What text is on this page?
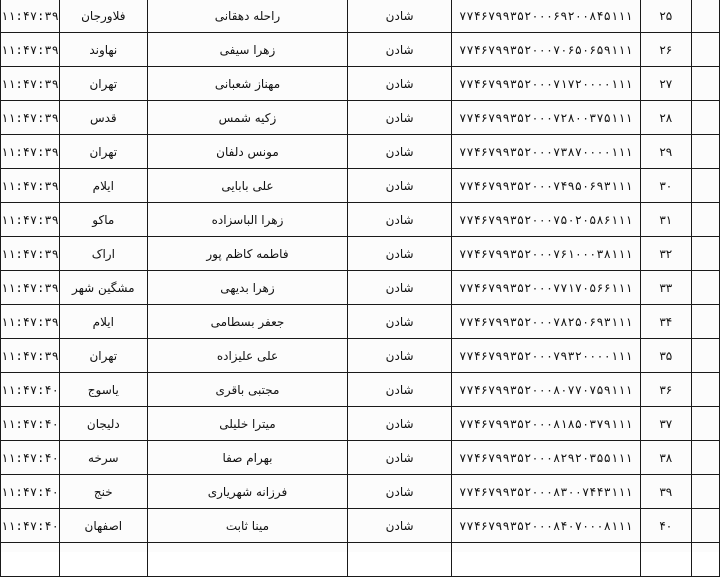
۱۱:۴۷:۳۹	فلاورجان	راحله دهقانی	شادن	۷۷۴۶۷۹۹۳۵۲۰۰۰۶۹۲۰۰۸۴۵۱۱۱	۲۵	
۱۱:۴۷:۳۹	نهاوند	زهرا سیفی	شادن	۷۷۴۶۷۹۹۳۵۲۰۰۰۷۰۶۵۰۶۵۹۱۱۱	۲۶	
۱۱:۴۷:۳۹	تهران	مهناز شعبانی	شادن	۷۷۴۶۷۹۹۳۵۲۰۰۰۷۱۷۲۰۰۰۰۱۱۱	۲۷	
۱۱:۴۷:۳۹	قدس	زکیه شمس	شادن	۷۷۴۶۷۹۹۳۵۲۰۰۰۷۲۸۰۰۳۷۵۱۱۱	۲۸	
۱۱:۴۷:۳۹	تهران	مونس دلفان	شادن	۷۷۴۶۷۹۹۳۵۲۰۰۰۷۳۸۷۰۰۰۰۱۱۱	۲۹	
۱۱:۴۷:۳۹	ایلام	علی بابایی	شادن	۷۷۴۶۷۹۹۳۵۲۰۰۰۷۴۹۵۰۶۹۳۱۱۱	۳۰	
۱۱:۴۷:۳۹	ماکو	زهرا الباسزاده	شادن	۷۷۴۶۷۹۹۳۵۲۰۰۰۷۵۰۲۰۵۸۶۱۱۱	۳۱	
۱۱:۴۷:۳۹	اراک	فاطمه کاظم پور	شادن	۷۷۴۶۷۹۹۳۵۲۰۰۰۷۶۱۰۰۰۳۸۱۱۱	۳۲	
۱۱:۴۷:۳۹	مشگین شهر	زهرا بدیهی	شادن	۷۷۴۶۷۹۹۳۵۲۰۰۰۷۷۱۷۰۵۶۶۱۱۱	۳۳	
۱۱:۴۷:۳۹	ایلام	جعفر بسطامی	شادن	۷۷۴۶۷۹۹۳۵۲۰۰۰۷۸۲۵۰۶۹۳۱۱۱	۳۴	
۱۱:۴۷:۳۹	تهران	علی علیزاده	شادن	۷۷۴۶۷۹۹۳۵۲۰۰۰۷۹۳۲۰۰۰۰۱۱۱	۳۵	
۱۱:۴۷:۴۰	یاسوج	مجتبی باقری	شادن	۷۷۴۶۷۹۹۳۵۲۰۰۰۸۰۷۷۰۷۵۹۱۱۱	۳۶	
۱۱:۴۷:۴۰	دلیجان	میترا خلیلی	شادن	۷۷۴۶۷۹۹۳۵۲۰۰۰۸۱۸۵۰۳۷۹۱۱۱	۳۷	
۱۱:۴۷:۴۰	سرخه	بهرام صفا	شادن	۷۷۴۶۷۹۹۳۵۲۰۰۰۸۲۹۲۰۳۵۵۱۱۱	۳۸	
۱۱:۴۷:۴۰	خنج	فرزانه شهریاری	شادن	۷۷۴۶۷۹۹۳۵۲۰۰۰۸۳۰۰۷۴۴۳۱۱۱	۳۹	
۱۱:۴۷:۴۰	اصفهان	مینا ثابت	شادن	۷۷۴۶۷۹۹۳۵۲۰۰۰۸۴۰۷۰۰۰۸۱۱۱	۴۰	
